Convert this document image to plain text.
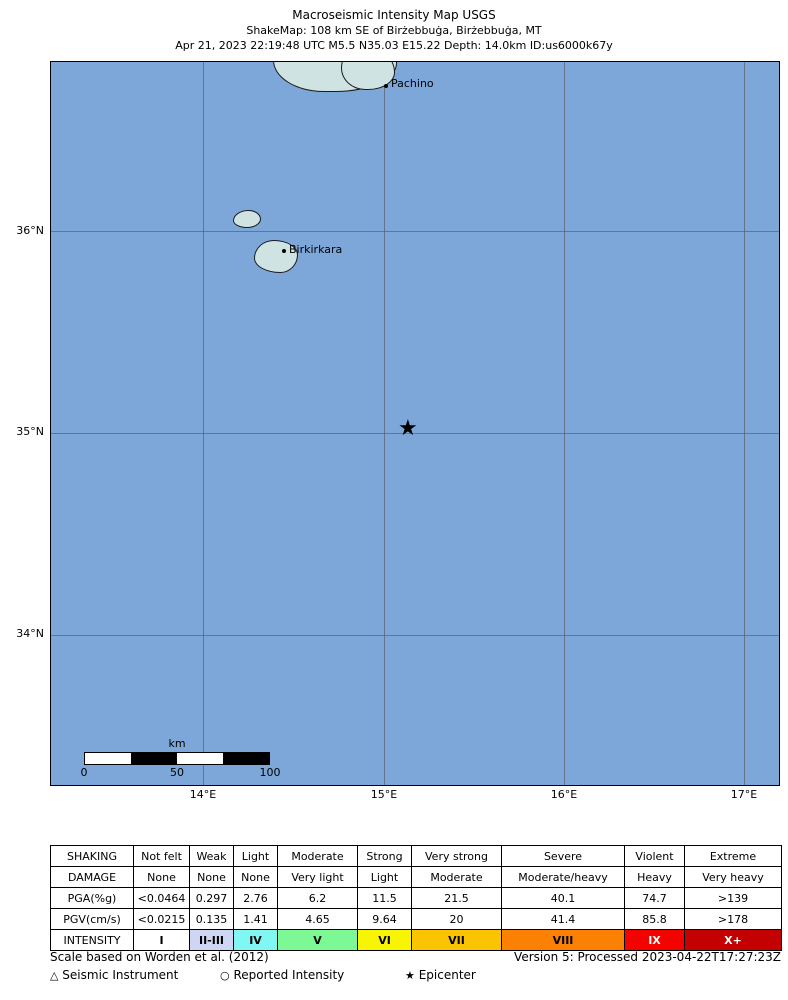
Macroseismic Intensity Map USGS
ShakeMap: 108 km SE of Birżebbuġa, Birżebbuġa, MT
Apr 21, 2023 22:19:48 UTC M5.5 N35.03 E15.22 Depth: 14.0km ID:us6000k67y
36°N
35°N
34°N
Pachino
Birkirkara
★
km
0	50	100
14°E	15°E	16°E	17°E
SHAKING	Not felt	Weak	Light	Moderate	Strong	Very strong	Severe	Violent	Extreme
DAMAGE	None	None	None	Very light	Light	Moderate	Moderate/heavy	Heavy	Very heavy
PGA(%g)	<0.0464	0.297	2.76	6.2	11.5	21.5	40.1	74.7	>139
PGV(cm/s)	<0.0215	0.135	1.41	4.65	9.64	20	41.4	85.8	>178
INTENSITY	I	II-III	IV	V	VI	VII	VIII	IX	X+
Scale based on Worden et al. (2012)	Version 5: Processed 2023-04-22T17:27:23Z
△ Seismic Instrument	○ Reported Intensity	★ Epicenter
